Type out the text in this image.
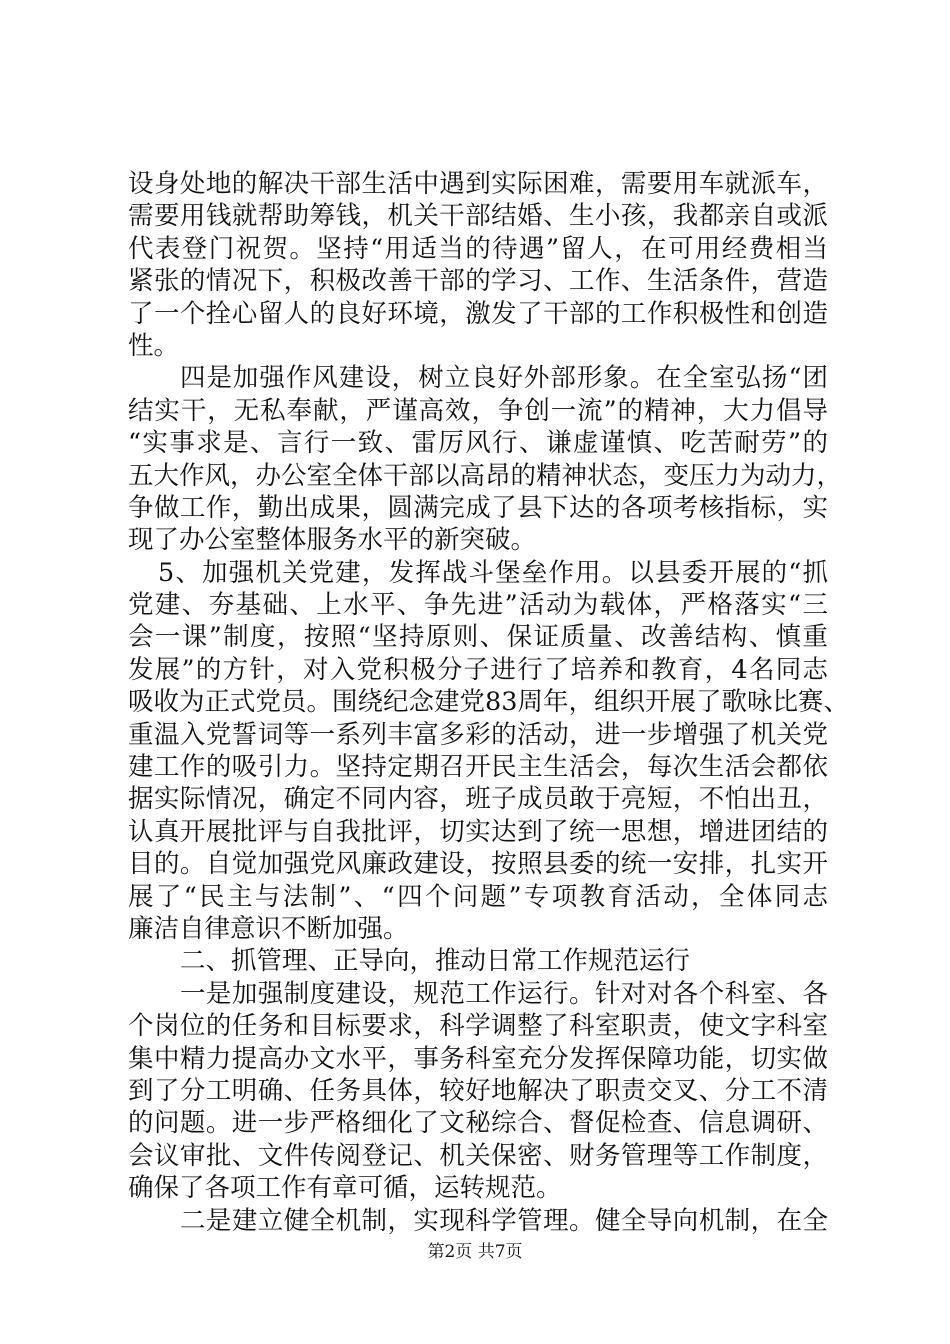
设身处地的解决干部生活中遇到实际困难，需要用车就派车，
需要用钱就帮助筹钱，机关干部结婚、生小孩，我都亲自或派
代表登门祝贺。坚持“用适当的待遇”留人，在可用经费相当
紧张的情况下，积极改善干部的学习、工作、生活条件，营造
了一个拴心留人的良好环境，激发了干部的工作积极性和创造
性。
四是加强作风建设，树立良好外部形象。在全室弘扬“团
结实干，无私奉献，严谨高效，争创一流”的精神，大力倡导
“实事求是、言行一致、雷厉风行、谦虚谨慎、吃苦耐劳”的
五大作风，办公室全体干部以高昂的精神状态，变压力为动力，
争做工作，勤出成果，圆满完成了县下达的各项考核指标，实
现了办公室整体服务水平的新突破。
5、加强机关党建，发挥战斗堡垒作用。以县委开展的“抓
党建、夯基础、上水平、争先进”活动为载体，严格落实“三
会一课”制度，按照“坚持原则、保证质量、改善结构、慎重
发展”的方针，对入党积极分子进行了培养和教育，4名同志
吸收为正式党员。围绕纪念建党83周年，组织开展了歌咏比赛、
重温入党誓词等一系列丰富多彩的活动，进一步增强了机关党
建工作的吸引力。坚持定期召开民主生活会，每次生活会都依
据实际情况，确定不同内容，班子成员敢于亮短，不怕出丑，
认真开展批评与自我批评，切实达到了统一思想，增进团结的
目的。自觉加强党风廉政建设，按照县委的统一安排，扎实开
展了“民主与法制”、“四个问题”专项教育活动，全体同志
廉洁自律意识不断加强。
二、抓管理、正导向，推动日常工作规范运行
一是加强制度建设，规范工作运行。针对对各个科室、各
个岗位的任务和目标要求，科学调整了科室职责，使文字科室
集中精力提高办文水平，事务科室充分发挥保障功能，切实做
到了分工明确、任务具体，较好地解决了职责交叉、分工不清
的问题。进一步严格细化了文秘综合、督促检查、信息调研、
会议审批、文件传阅登记、机关保密、财务管理等工作制度，
确保了各项工作有章可循，运转规范。
二是建立健全机制，实现科学管理。健全导向机制，在全
第2页 共7页
